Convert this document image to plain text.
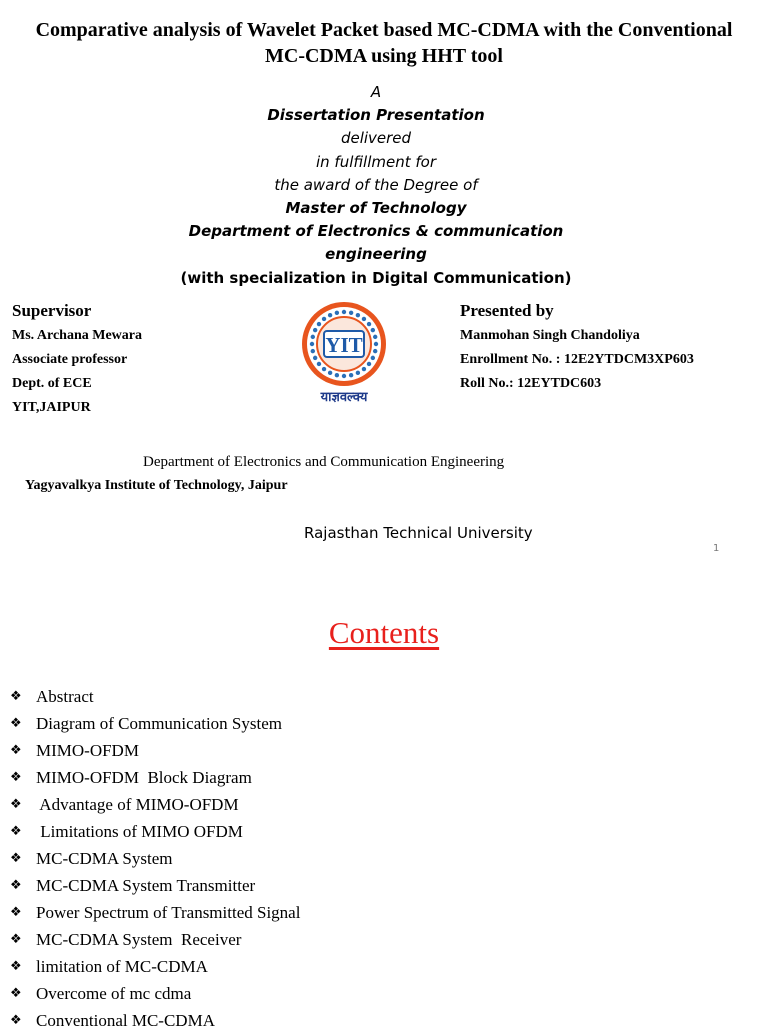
Comparative analysis of Wavelet Packet based MC-CDMA with the Conventional
MC-CDMA using HHT tool
A
Dissertation Presentation
delivered
in fulfillment for
the award of the Degree of
Master of Technology
Department of Electronics & communication
engineering
(with specialization in Digital Communication)
Supervisor
Ms. Archana Mewara
Associate professor
Dept. of ECE
YIT,JAIPUR
YIT
याज्ञवल्क्य
Presented by
Manmohan Singh Chandoliya
Enrollment No. : 12E2YTDCM3XP603
Roll No.: 12EYTDC603
Department of Electronics and Communication Engineering
Yagyavalkya Institute of Technology, Jaipur
Rajasthan Technical University
1
Contents
❖ Abstract
❖ Diagram of Communication System
❖ MIMO-OFDM
❖ MIMO-OFDM  Block Diagram
❖ Advantage of MIMO-OFDM
❖ Limitations of MIMO OFDM
❖ MC-CDMA System
❖ MC-CDMA System Transmitter
❖ Power Spectrum of Transmitted Signal
❖ MC-CDMA System  Receiver
❖ limitation of MC-CDMA
❖ Overcome of mc cdma
❖ Conventional MC-CDMA
